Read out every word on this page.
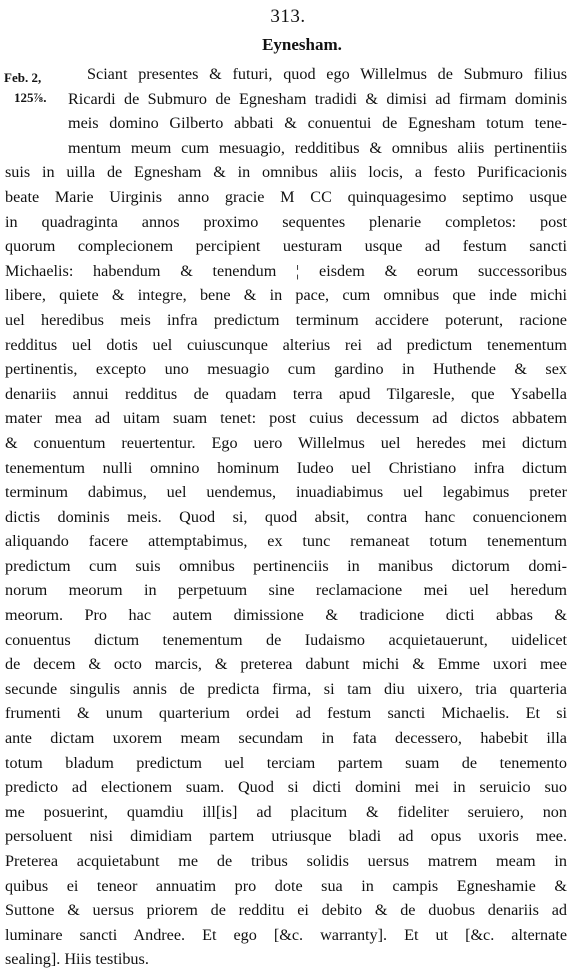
313.
Eynesham.
Feb. 2,
125⅞.
Sciant presentes & futuri, quod ego Willelmus de Submuro filius
Ricardi de Submuro de Egnesham tradidi & dimisi ad firmam dominis
meis domino Gilberto abbati & conuentui de Egnesham totum tene-
mentum meum cum mesuagio, redditibus & omnibus aliis pertinentiis
suis in uilla de Egnesham & in omnibus aliis locis, a festo Purificacionis
beate Marie Uirginis anno gracie M CC quinquagesimo septimo usque
in quadraginta annos proximo sequentes plenarie completos: post
quorum complecionem percipient uesturam usque ad festum sancti
Michaelis: habendum & tenendum ¦ eisdem & eorum successoribus
libere, quiete & integre, bene & in pace, cum omnibus que inde michi
uel heredibus meis infra predictum terminum accidere poterunt, racione
redditus uel dotis uel cuiuscunque alterius rei ad predictum tenementum
pertinentis, excepto uno mesuagio cum gardino in Huthende & sex
denariis annui redditus de quadam terra apud Tilgaresle, que Ysabella
mater mea ad uitam suam tenet: post cuius decessum ad dictos abbatem
& conuentum reuertentur. Ego uero Willelmus uel heredes mei dictum
tenementum nulli omnino hominum Iudeo uel Christiano infra dictum
terminum dabimus, uel uendemus, inuadiabimus uel legabimus preter
dictis dominis meis. Quod si, quod absit, contra hanc conuencionem
aliquando facere attemptabimus, ex tunc remaneat totum tenementum
predictum cum suis omnibus pertinenciis in manibus dictorum domi-
norum meorum in perpetuum sine reclamacione mei uel heredum
meorum. Pro hac autem dimissione & tradicione dicti abbas &
conuentus dictum tenementum de Iudaismo acquietauerunt, uidelicet
de decem & octo marcis, & preterea dabunt michi & Emme uxori mee
secunde singulis annis de predicta firma, si tam diu uixero, tria quarteria
frumenti & unum quarterium ordei ad festum sancti Michaelis. Et si
ante dictam uxorem meam secundam in fata decessero, habebit illa
totum bladum predictum uel terciam partem suam de tenemento
predicto ad electionem suam. Quod si dicti domini mei in seruicio suo
me posuerint, quamdiu ill[is] ad placitum & fideliter seruiero, non
persoluent nisi dimidiam partem utriusque bladi ad opus uxoris mee.
Preterea acquietabunt me de tribus solidis uersus matrem meam in
quibus ei teneor annuatim pro dote sua in campis Egneshamie &
Suttone & uersus priorem de redditu ei debito & de duobus denariis ad
luminare sancti Andree. Et ego [&c. warranty]. Et ut [&c. alternate
sealing]. Hiis testibus.
